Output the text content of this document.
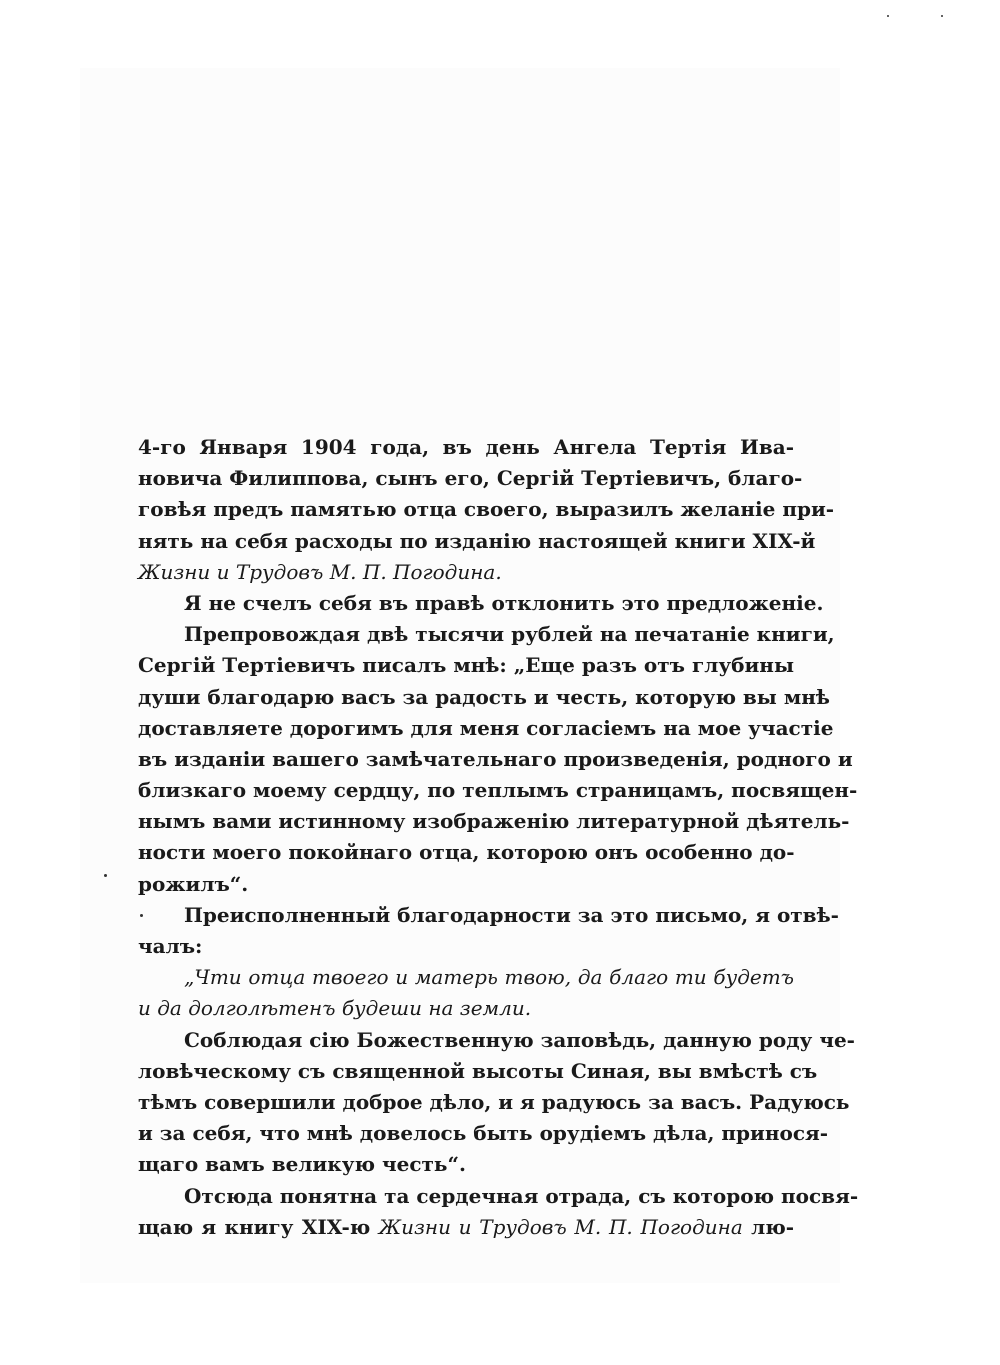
4-го Января 1904 года, въ день Ангела Тертія Ива-
новича Филиппова, сынъ его, Сергій Тертіевичъ, благо-
говѣя предъ памятью отца своего, выразилъ желаніе при-
нять на себя расходы по изданію настоящей книги XIX-й
Жизни и Трудовъ М. П. Погодина.
Я не счелъ себя въ правѣ отклонить это предложеніе.
Препровождая двѣ тысячи рублей на печатаніе книги,
Сергій Тертіевичъ писалъ мнѣ: „Еще разъ отъ глубины
души благодарю васъ за радость и честь, которую вы мнѣ
доставляете дорогимъ для меня согласіемъ на мое участіе
въ изданіи вашего замѣчательнаго произведенія, родного и
близкаго моему сердцу, по теплымъ страницамъ, посвящен-
нымъ вами истинному изображенію литературной дѣятель-
ности моего покойнаго отца, которою онъ особенно до-
рожилъ“.
Преисполненный благодарности за это письмо, я отвѣ-
чалъ:
„Чти отца твоего и матерь твою, да благо ти будетъ
и да долголѣтенъ будеши на земли.
Соблюдая сію Божественную заповѣдь, данную роду че-
ловѣческому съ священной высоты Синая, вы вмѣстѣ съ
тѣмъ совершили доброе дѣло, и я радуюсь за васъ. Радуюсь
и за себя, что мнѣ довелось быть орудіемъ дѣла, принося-
щаго вамъ великую честь“.
Отсюда понятна та сердечная отрада, съ которою посвя-
щаю я книгу XIX-ю Жизни и Трудовъ М. П. Погодина лю-
